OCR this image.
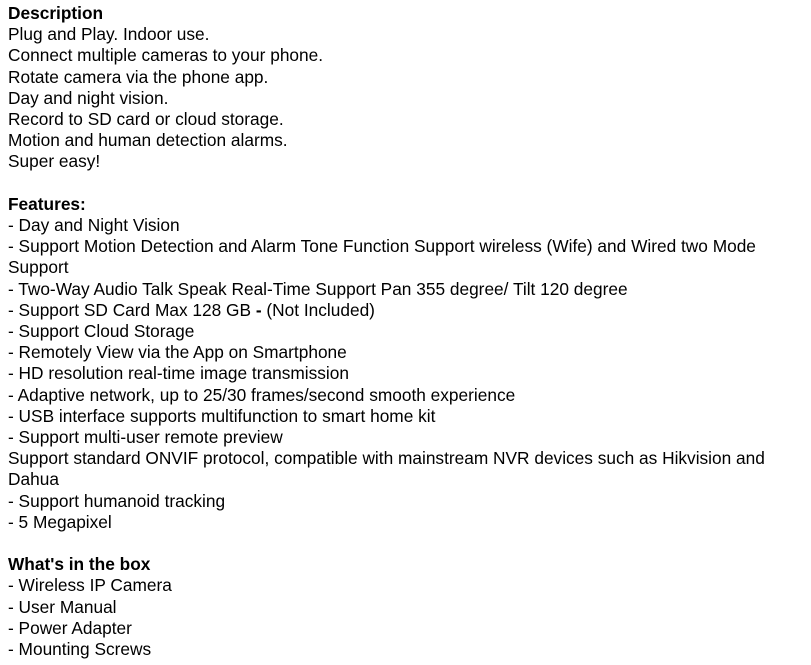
Description

Plug and Play. Indoor use.

Connect multiple cameras to your phone.

Rotate camera via the phone app.

Day and night vision.

Record to SD card or cloud storage.

Motion and human detection alarms.

Super easy!

Features:

- Day and Night Vision

- Support Motion Detection and Alarm Tone Function Support wireless (Wife) and Wired two Mode Support

- Two-Way Audio Talk Speak Real-Time Support Pan 355 degree/ Tilt 120 degree

- Support SD Card Max 128 GB - (Not Included)

- Support Cloud Storage

- Remotely View via the App on Smartphone

- HD resolution real-time image transmission

- Adaptive network, up to 25/30 frames/second smooth experience

- USB interface supports multifunction to smart home kit

- Support multi-user remote preview

Support standard ONVIF protocol, compatible with mainstream NVR devices such as Hikvision and Dahua

- Support humanoid tracking

- 5 Megapixel

What's in the box

- Wireless IP Camera

- User Manual

- Power Adapter

- Mounting Screws
